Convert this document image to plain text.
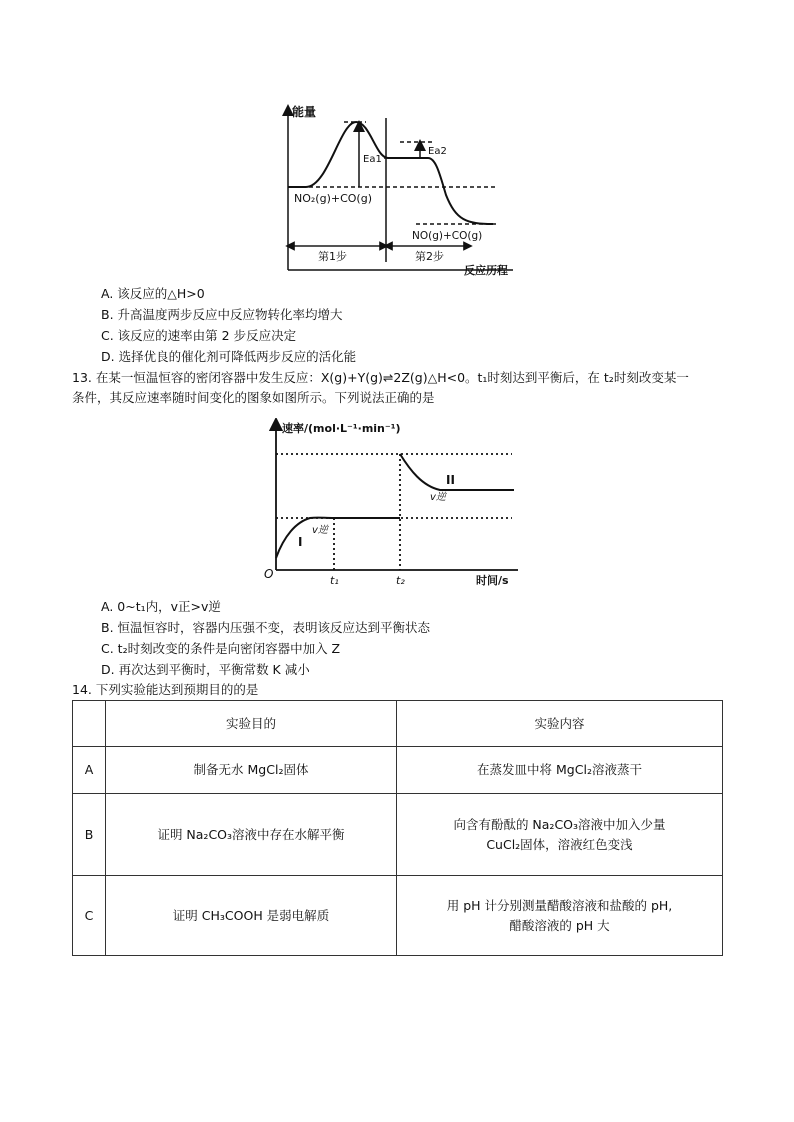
能量
反应历程
Ea1
Ea2
NO₂(g)+CO(g)
NO(g)+CO(g)
第1步	第2步
A. 该反应的△H>0
B. 升高温度两步反应中反应物转化率均增大
C. 该反应的速率由第 2 步反应决定
D. 选择优良的催化剂可降低两步反应的活化能
13. 在某一恒温恒容的密闭容器中发生反应：X(g)+Y(g)⇌2Z(g)△H<0。t₁时刻达到平衡后，在 t₂时刻改变某一
条件，其反应速率随时间变化的图象如图所示。下列说法正确的是
速率/(mol·L⁻¹·min⁻¹)
时间/s
O	t₁	t₂
I
II
v逆
v逆
A. 0~t₁内，v正>v逆
B. 恒温恒容时，容器内压强不变，表明该反应达到平衡状态
C. t₂时刻改变的条件是向密闭容器中加入 Z
D. 再次达到平衡时，平衡常数 K 减小
14. 下列实验能达到预期目的的是
	实验目的	实验内容
A	制备无水 MgCl₂固体	在蒸发皿中将 MgCl₂溶液蒸干

B	证明 Na₂CO₃溶液中存在水解平衡	向含有酚酞的 Na₂CO₃溶液中加入少量
CuCl₂固体，溶液红色变浅

C	证明 CH₃COOH 是弱电解质	用 pH 计分别测量醋酸溶液和盐酸的 pH,
醋酸溶液的 pH 大
